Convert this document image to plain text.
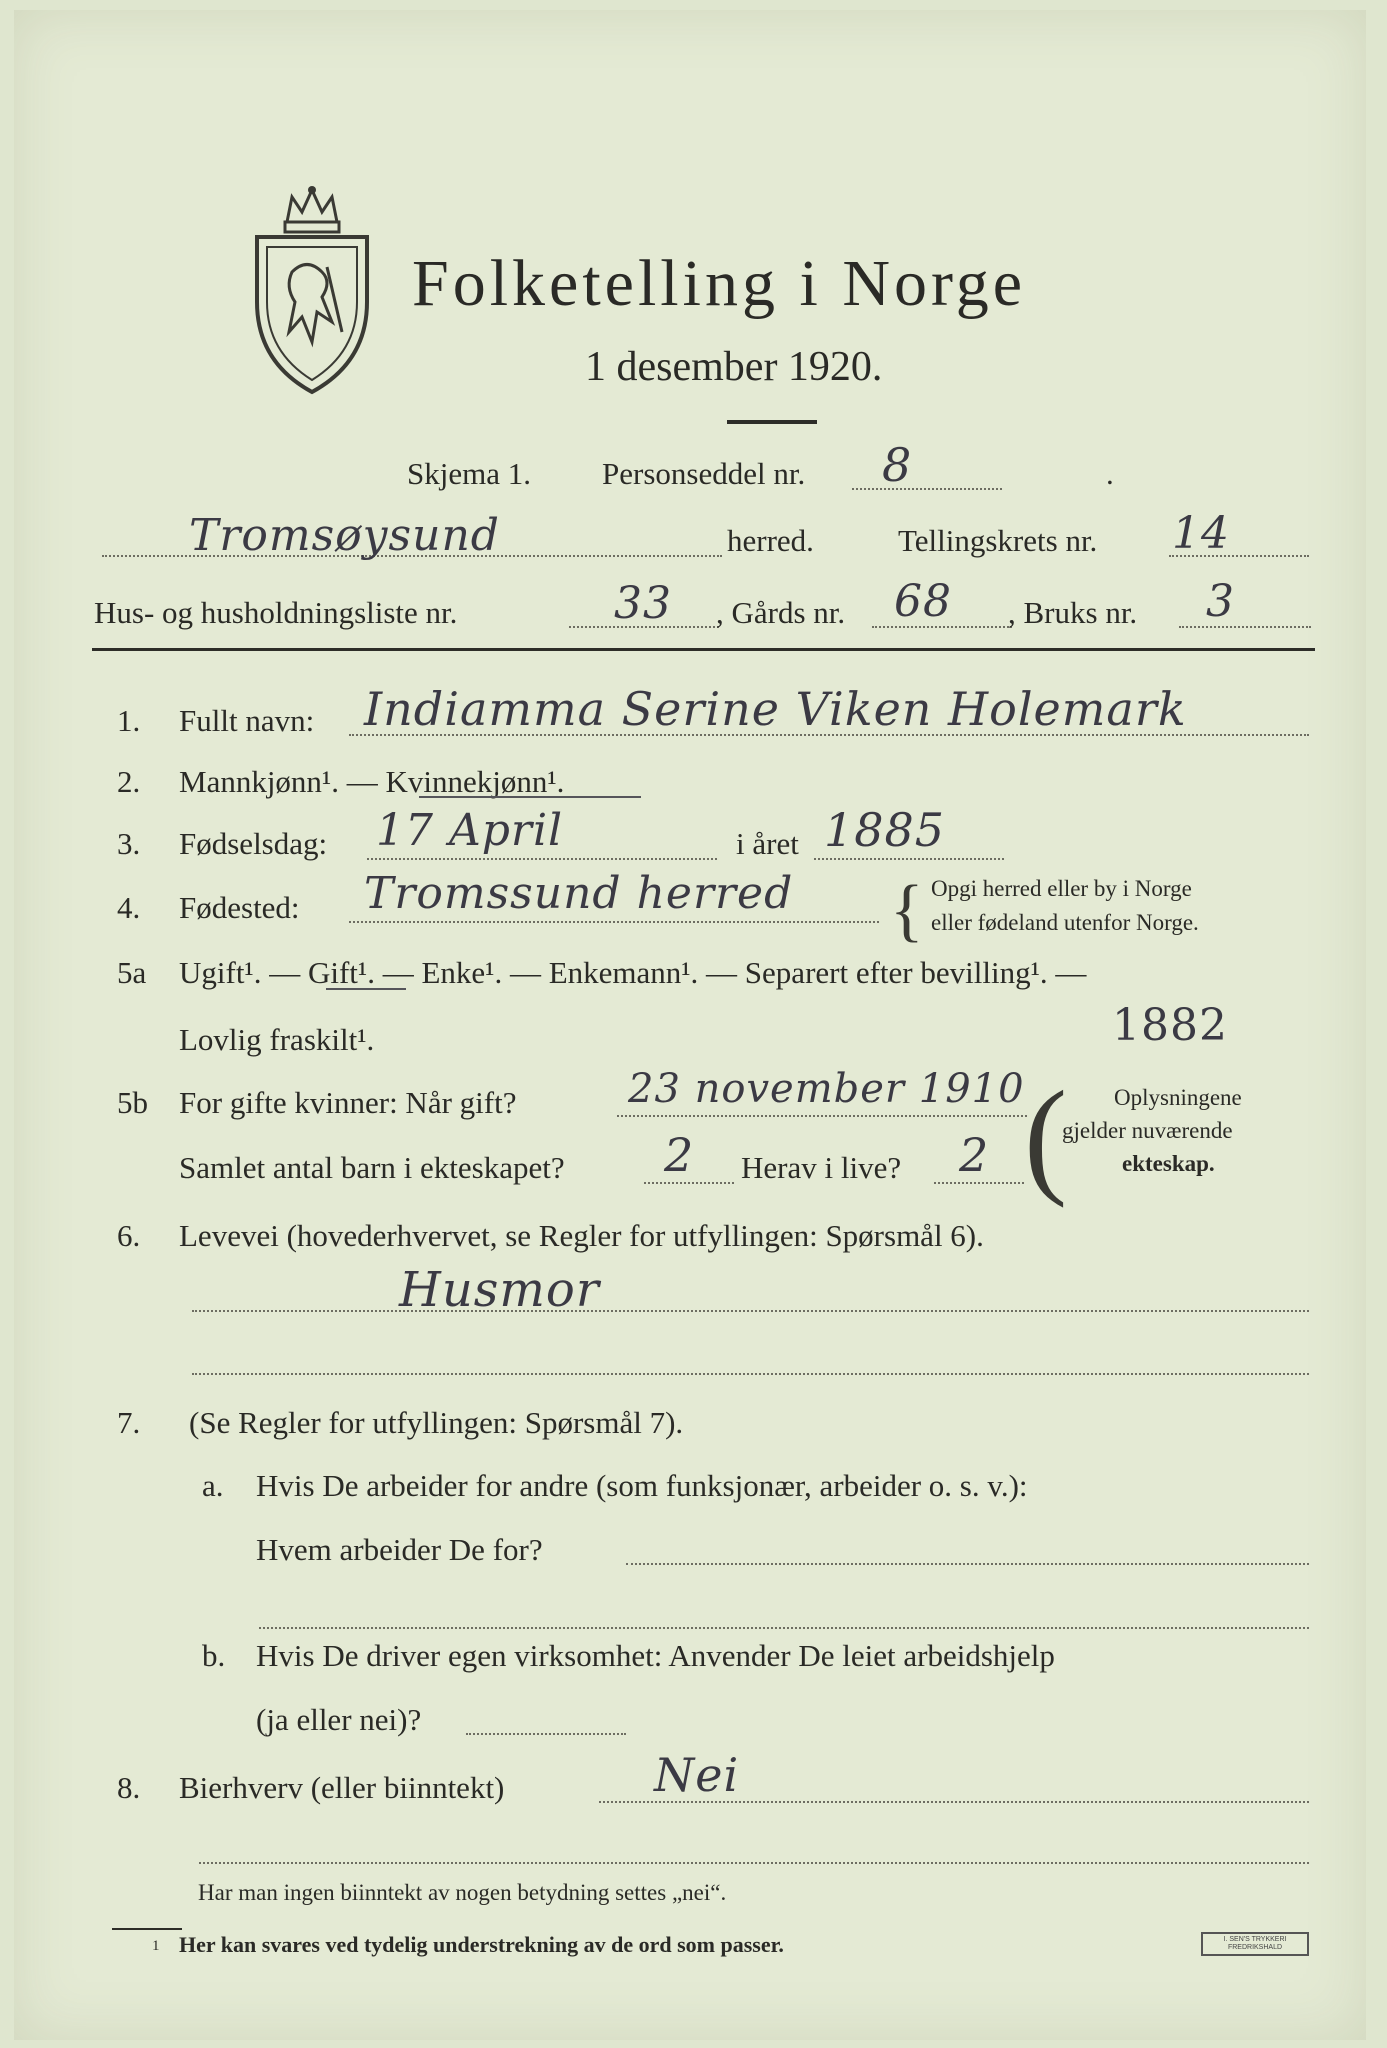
Folketelling i Norge
1 desember 1920.
Skjema 1. Personseddel nr. 8	.
Tromsøysund	herred.	Tellingskrets nr. 14
Hus- og husholdningsliste nr.	33 , Gårds nr. 68 , Bruks nr. 3
1. Fullt navn: Indiamma Serine Viken Holemark
2. Mannkjønn¹. — Kvinnekjønn¹.
3. Fødselsdag: 17 April	i året 1885
4. Fødested: Tromssund herred { Opgi herred eller by i Norge
eller fødeland utenfor Norge.
5a Ugift¹. — Gift¹. — Enke¹. — Enkemann¹. — Separert efter bevilling¹. —
Lovlig fraskilt¹.	1882
5b For gifte kvinner: Når gift?	23 november 1910
Samlet antal barn i ekteskapet? 2 Herav i live? 2 ( Oplysningene
gjelder nuværende
ekteskap.
6. Levevei (hovederhvervet, se Regler for utfyllingen: Spørsmål 6).
Husmor
7. (Se Regler for utfyllingen: Spørsmål 7).
a. Hvis De arbeider for andre (som funksjonær, arbeider o. s. v.):
Hvem arbeider De for?
b. Hvis De driver egen virksomhet: Anvender De leiet arbeidshjelp
(ja eller nei)?
8. Bierhverv (eller biinntekt)	Nei
Har man ingen biinntekt av nogen betydning settes „nei“.
1 Her kan svares ved tydelig understrekning av de ord som passer.	I. SEN'S TRYKKERI FREDRIKSHALD
